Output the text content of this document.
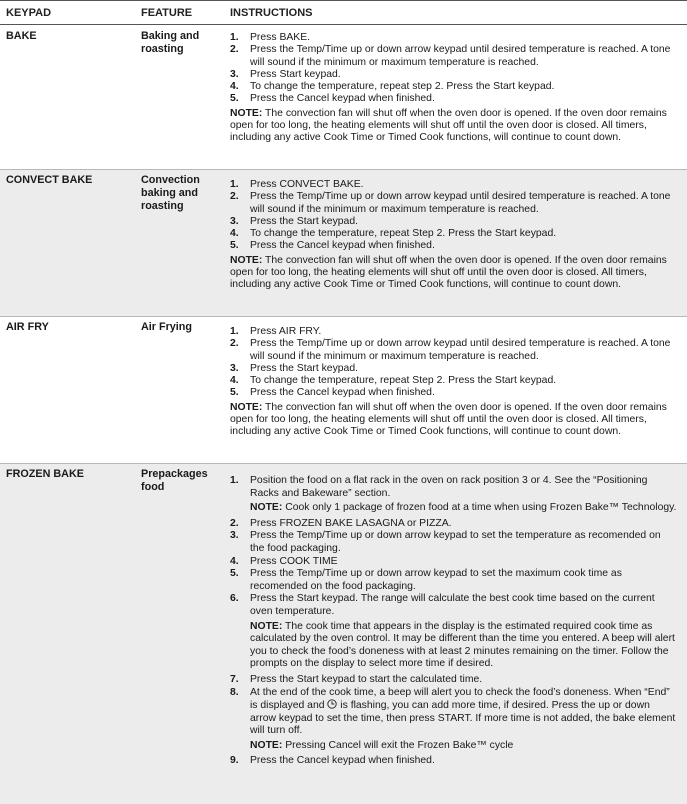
KEYPAD	FEATURE	INSTRUCTIONS
BAKE	Baking and roasting
1. Press BAKE.
2. Press the Temp/Time up or down arrow keypad until desired temperature is reached. A tone will sound if the minimum or maximum temperature is reached.
3. Press Start keypad.
4. To change the temperature, repeat step 2. Press the Start keypad.
5. Press the Cancel keypad when finished.
NOTE: The convection fan will shut off when the oven door is opened. If the oven door remains open for too long, the heating elements will shut off until the oven door is closed. All timers, including any active Cook Time or Timed Cook functions, will continue to count down.
CONVECT BAKE	Convection baking and roasting
1. Press CONVECT BAKE.
2. Press the Temp/Time up or down arrow keypad until desired temperature is reached. A tone will sound if the minimum or maximum temperature is reached.
3. Press the Start keypad.
4. To change the temperature, repeat Step 2. Press the Start keypad.
5. Press the Cancel keypad when finished.
NOTE: The convection fan will shut off when the oven door is opened. If the oven door remains open for too long, the heating elements will shut off until the oven door is closed. All timers, including any active Cook Time or Timed Cook functions, will continue to count down.
AIR FRY	Air Frying	1. Press AIR FRY.
2. Press the Temp/Time up or down arrow keypad until desired temperature is reached. A tone will sound if the minimum or maximum temperature is reached.
3. Press the Start keypad.
4. To change the temperature, repeat Step 2. Press the Start keypad.
5. Press the Cancel keypad when finished.
NOTE: The convection fan will shut off when the oven door is opened. If the oven door remains open for too long, the heating elements will shut off until the oven door is closed. All timers, including any active Cook Time or Timed Cook functions, will continue to count down.
FROZEN BAKE	Prepackages food
1. Position the food on a flat rack in the oven on rack position 3 or 4. See the “Positioning Racks and Bakeware” section.
NOTE: Cook only 1 package of frozen food at a time when using Frozen Bake™ Technology.
2. Press FROZEN BAKE LASAGNA or PIZZA.
3. Press the Temp/Time up or down arrow keypad to set the temperature as recomended on the food packaging.
4. Press COOK TIME
5. Press the Temp/Time up or down arrow keypad to set the maximum cook time as recomended on the food packaging.
6. Press the Start keypad. The range will calculate the best cook time based on the current oven temperature.
NOTE: The cook time that appears in the display is the estimated required cook time as calculated by the oven control. It may be different than the time you entered. A beep will alert you to check the food’s doneness with at least 2 minutes remaining on the timer. Follow the prompts on the display to select more time if desired.
7. Press the Start keypad to start the calculated time.
8. At the end of the cook time, a beep will alert you to check the food’s doneness. When “End” is displayed and is flashing, you can add more time, if desired. Press the up or down arrow keypad to set the time, then press START. If more time is not added, the bake element will turn off.
NOTE: Pressing Cancel will exit the Frozen Bake™ cycle
9. Press the Cancel keypad when finished.
